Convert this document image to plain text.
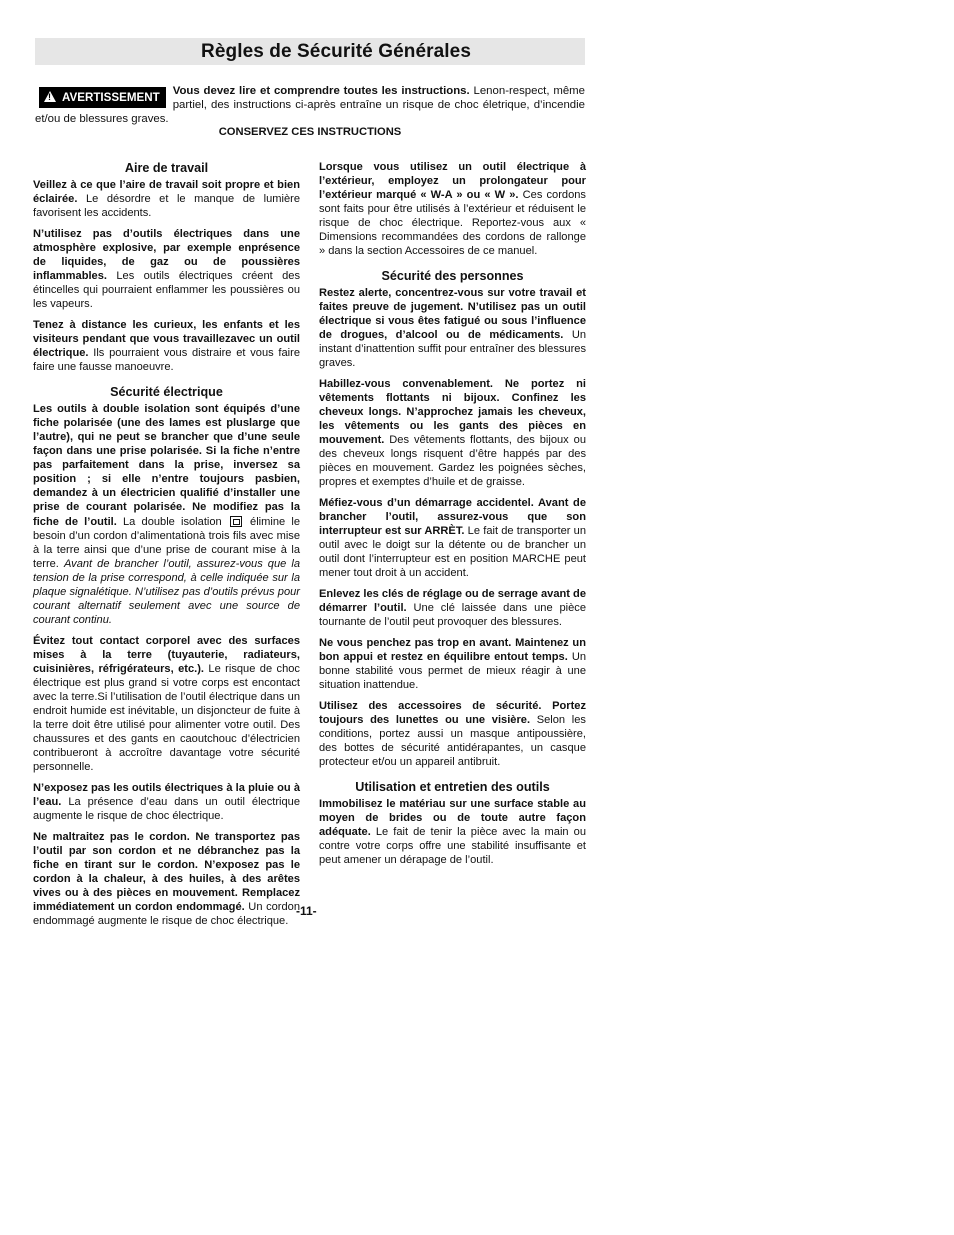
Règles de Sécurité Générales
! AVERTISSEMENT	Vous devez lire et comprendre toutes les instructions. Lenon-respect, même partiel, des instructions ci-après entraîne un risque de choc életrique, d’incendie et/ou de blessures graves.
CONSERVEZ CES INSTRUCTIONS
Aire de travail

Veillez à ce que l’aire de travail soit propre et bien éclairée. Le désordre et le manque de lumière favorisent les accidents.

N’utilisez pas d’outils électriques dans une atmosphère explosive, par exemple enprésence de liquides, de gaz ou de poussières inflammables. Les outils électriques créent des étincelles qui pourraient enflammer les poussières ou les vapeurs.

Tenez à distance les curieux, les enfants et les visiteurs pendant que vous travaillezavec un outil électrique. Ils pourraient vous distraire et vous faire faire une fausse manoeuvre.

Sécurité électrique

Les outils à double isolation sont équipés d’une fiche polarisée (une des lames est pluslarge que l’autre), qui ne peut se brancher que d’une seule façon dans une prise polarisée. Si la fiche n’entre pas parfaitement dans la prise, inversez sa position ; si elle n’entre toujours pasbien, demandez à un électricien qualifié d’installer une prise de courant polarisée. Ne modifiez pas la fiche de l’outil. La double isolation  élimine le besoin d’un cordon d’alimentationà trois fils avec mise à la terre ainsi que d’une prise de courant mise à la terre. Avant de brancher l’outil, assurez-vous que la tension de la prise correspond, à celle indiquée sur la plaque signalétique. N’utilisez pas d’outils prévus pour courant alternatif seulement avec une source de courant continu.

Évitez tout contact corporel avec des surfaces mises à la terre (tuyauterie, radiateurs, cuisinières, réfrigérateurs, etc.). Le risque de choc électrique est plus grand si votre corps est encontact avec la terre.Si l’utilisation de l’outil électrique dans un endroit humide est inévitable, un disjoncteur de fuite à la terre doit être utilisé pour alimenter votre outil. Des chaussures et des gants en caoutchouc d’électricien contribueront à accroître davantage votre sécurité personnelle.

N’exposez pas les outils électriques à la pluie ou à l’eau. La présence d’eau dans un outil électrique augmente le risque de choc électrique.

Ne maltraitez pas le cordon. Ne transportez pas l’outil par son cordon et ne débranchez pas la fiche en tirant sur le cordon. N’exposez pas le cordon à la chaleur, à des huiles, à des arêtes vives ou à des pièces en mouvement. Remplacez immédiatement un cordon endommagé. Un cordon endommagé augmente le risque de choc électrique.

Lorsque vous utilisez un outil électrique à l’extérieur, employez un prolongateur pour l’extérieur marqué « W-A » ou « W ». Ces cordons sont faits pour être utilisés à l’extérieur et réduisent le risque de choc électrique. Reportez-vous aux « Dimensions recommandées des cordons de rallonge » dans la section Accessoires de ce manuel.

Sécurité des personnes

Restez alerte, concentrez-vous sur votre travail et faites preuve de jugement. N’utilisez pas un outil électrique si vous êtes fatigué ou sous l’influence de drogues, d’alcool ou de médicaments. Un instant d’inattention suffit pour entraîner des blessures graves.

Habillez-vous convenablement. Ne portez ni vêtements flottants ni bijoux. Confinez les cheveux longs. N’approchez jamais les cheveux, les vêtements ou les gants des pièces en mouvement. Des vêtements flottants, des bijoux ou des cheveux longs risquent d’être happés par des pièces en mouvement. Gardez les poignées sèches, propres et exemptes d’huile et de graisse.

Méfiez-vous d’un démarrage accidentel. Avant de brancher l’outil, assurez-vous que son interrupteur est sur ARRÈT. Le fait de transporter un outil avec le doigt sur la détente ou de brancher un outil dont l’interrupteur est en position MARCHE peut mener tout droit à un accident.

Enlevez les clés de réglage ou de serrage avant de démarrer l’outil. Une clé laissée dans une pièce tournante de l’outil peut provoquer des blessures.

Ne vous penchez pas trop en avant. Maintenez un bon appui et restez en équilibre entout temps. Un bonne stabilité vous permet de mieux réagir à une situation inattendue.

Utilisez des accessoires de sécurité. Portez toujours des lunettes ou une visière. Selon les conditions, portez aussi un masque antipoussière, des bottes de sécurité antidérapantes, un casque protecteur et/ou un appareil antibruit.

Utilisation et entretien des outils

Immobilisez le matériau sur une surface stable au moyen de brides ou de toute autre façon adéquate. Le fait de tenir la pièce avec la main ou contre votre corps offre une stabilité insuffisante et peut amener un dérapage de l’outil.

-11-
